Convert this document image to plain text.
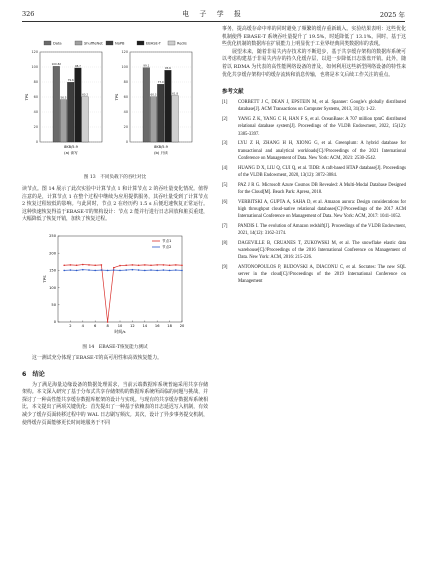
326	电 子 学 报	2025 年
Data	ShuffleNet	NoPB	EBASE-T	Redis
0
20
40
60
80
100
120
TPS
100.82
56.5
79.6
98.7
60.2
8KB/5.9
(a) 读写
0
20
40
60
80
100
120
TPS
99.1
60.3
77.0
95.6
61.8
8KB/5.9
(b) 只读
图 13　不同负载下的吞吐对比

读节点。图 14 展示了此次实验中计算节点 1 和计算节点 2 的吞吐量变化情况。值得注意的是，计算节点 1 在整个过程中继续为应用提供服务，其吞吐量受到了计算节点 2 恢复过程较低的影响。与此同时，节点 2 在经历约 1.5 s 后便迅速恢复正常运行。这种快速恢复得益于EBASE-T的架构设计：节点 2 能并行进行日志回放和脏页重建，大幅降低了恢复开销，加快了恢复过程。

0
50
100
150
200
250
2	4	6	8 10 12 14 16 18 20
时间/s
TPS
节点1
节点2
图 14　EBASE-T恢复能力测试

这一测试充分体现了EBASE-T的高可用性和高效恢复能力。

6　结论

为了满足海量边缘设备的数据处理需求，当前云端数据库系统普遍采用共享存储架构。本文深入研究了基于分布式共享存储架构的数据库系统所面临的问题与挑战，并探讨了一种高性能共享缓存数据库框架的设计与实现。与现有的共享缓存数据库系统相比，本文提出了两项关键优化：首先提出了一种基于依赖表的日志延迟写入机制，有效减少了缓存页面转移过程中的 WAL 日志刷写频次。其次，设计了异步事务提交机制，使得缓存页面能够更长时间地服务于不同

事务，提高缓存命中率的同时避免了频繁的缓存重新载入。实验结果表明：这些优化机制使得 EBASE-T 系统吞吐量提升了 19.5%，时延降低了 13.1%。同时，基于这些优化机制的数据库在扩展能力上明显优于工业界经典同类数据库的表现。

展望未来，随着非易失内存技术的不断进步，基于共享缓存架构的数据库系统可以考虑构建基于非易失内存的持久化缓存层，以进一步降低日志落盘开销。此外，随着以 RDMA 为代表的高性能网络设备的普及，如何利用这些新型网络设备的特性来优化共享缓存架构中的缓存流转和消息传输，也将是本文后续工作关注的重点。

参考文献
[1]	CORBETT J C, DEAN J, EPSTEIN M, et al. Spanner: Google's globally distributed database[J]. ACM Transactions on Computer Systems, 2013, 31(3): 1-22.
[2]	YANG Z K, YANG C H, HAN F S, et al. OceanBase: A 707 million tpmC distributed relational database system[J]. Proceedings of the VLDB Endowment, 2022, 15(12): 3385-3397.
[3]	LYU Z H, ZHANG H H, XIONG G, et al. Greenplum: A hybrid database for transactional and analytical workloads[C]//Proceedings of the 2021 International Conference on Management of Data. New York: ACM, 2021: 2530-2542.
[4]	HUANG D X, LIU Q, CUI Q, et al. TiDB: A raft-based HTAP database[J]. Proceedings of the VLDB Endowment, 2020, 13(12): 3072-3084.
[5]	PAZ J R G. Microsoft Azure Cosmos DB Revealed: A Multi-Modal Database Designed for the Cloud[M]. Beach Park: Apress, 2018.
[6]	VERBITSKI A, GUPTA A, SAHA D, et al. Amazon aurora: Design considerations for high throughput cloud-native relational databases[C]//Proceedings of the 2017 ACM International Conference on Management of Data. New York: ACM, 2017: 1041-1052.
[7]	PANDIS I. The evolution of Amazon redshift[J]. Proceedings of the VLDB Endowment, 2021, 14(12): 3162-3174.
[8]	DAGEVILLE B, CRUANES T, ZUKOWSKI M, et al. The snowflake elastic data warehouse[C]//Proceedings of the 2016 International Conference on Management of Data. New York: ACM, 2016: 215-226.
[9]	ANTONOPOULOS P, BUDOVSKI A, DIACONU C, et al. Socrates: The new SQL server in the cloud[C]//Proceedings of the 2019 International Conference on Management
